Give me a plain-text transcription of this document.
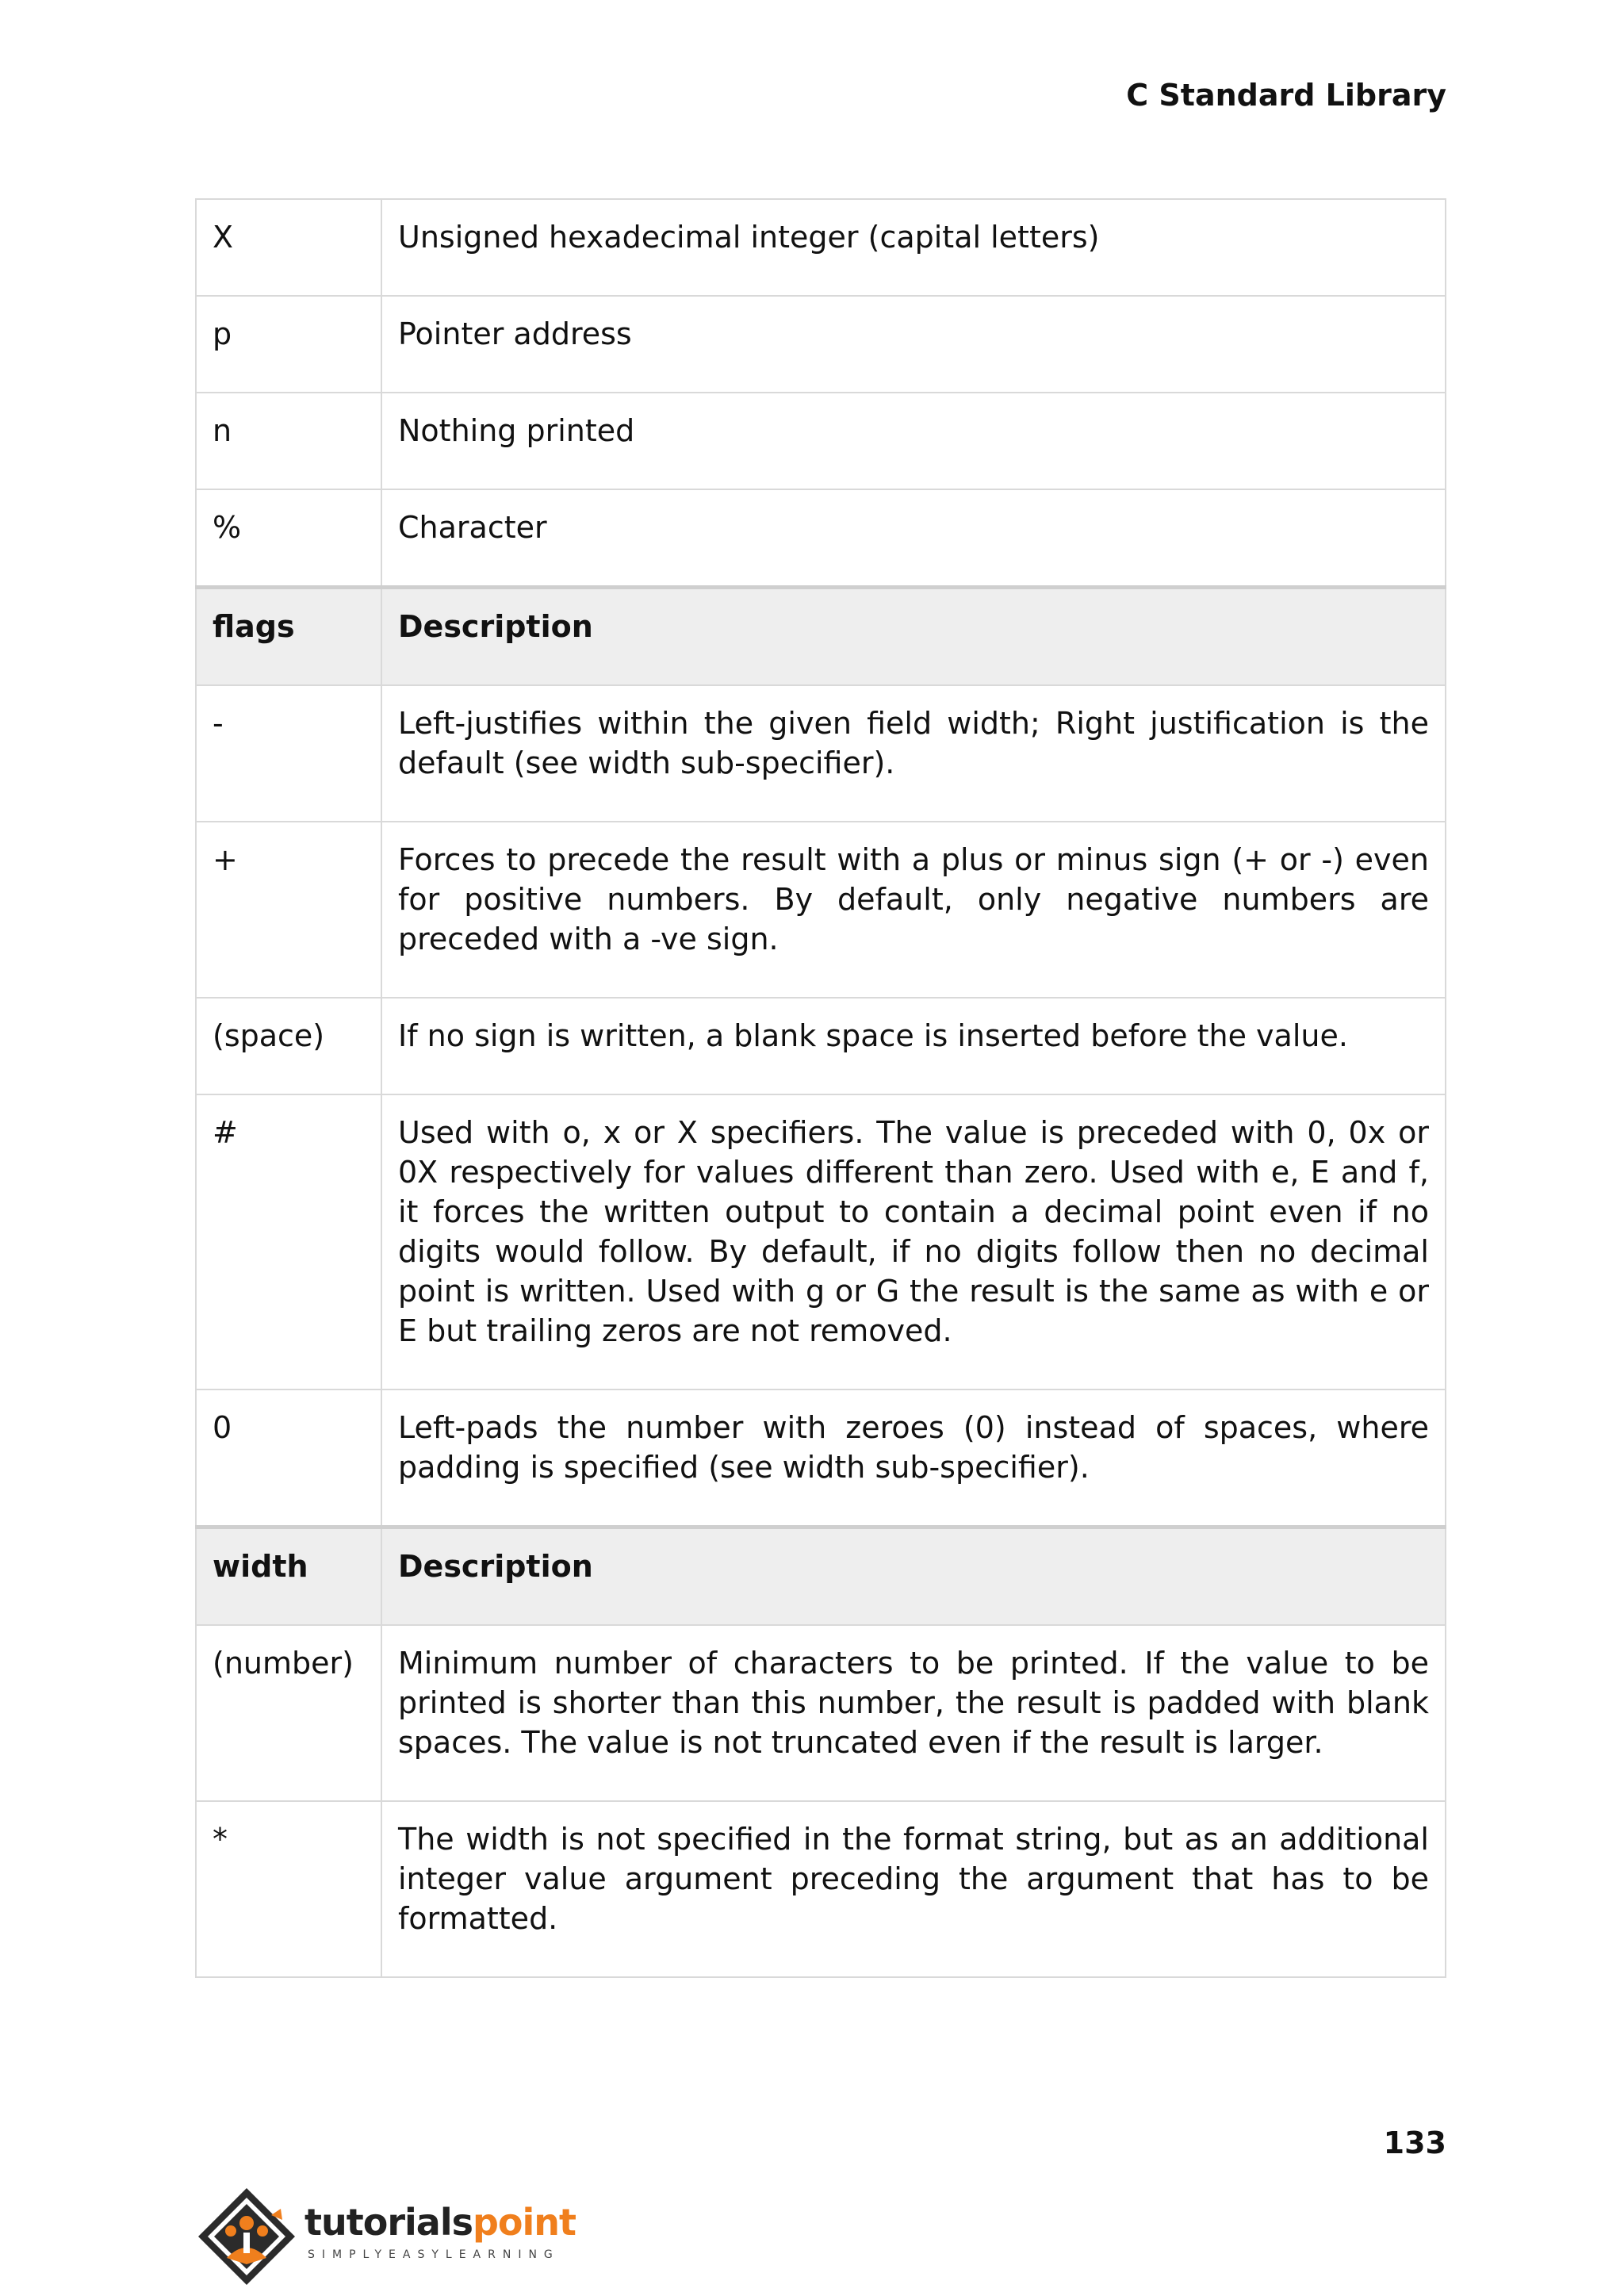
C Standard Library
X	Unsigned hexadecimal integer (capital letters)
p	Pointer address
n	Nothing printed
%	Character
flags	Description
-	Left-justifies within the given field width; Right justification is the default (see width sub-specifier).
+	Forces to precede the result with a plus or minus sign (+ or -) even for positive numbers. By default, only negative numbers are preceded with a -ve sign.
(space)	If no sign is written, a blank space is inserted before the value.
#	Used with o, x or X specifiers. The value is preceded with 0, 0x or 0X respectively for values different than zero. Used with e, E and f, it forces the written output to contain a decimal point even if no digits would follow. By default, if no digits follow then no decimal point is written. Used with g or G the result is the same as with e or E but trailing zeros are not removed.
0	Left-pads the number with zeroes (0) instead of spaces, where padding is specified (see width sub-specifier).
width	Description
(number)	Minimum number of characters to be printed. If the value to be printed is shorter than this number, the result is padded with blank spaces. The value is not truncated even if the result is larger.
*	The width is not specified in the format string, but as an additional integer value argument preceding the argument that has to be formatted.
133
tutorialspoint
SIMPLYEASYLEARNING
